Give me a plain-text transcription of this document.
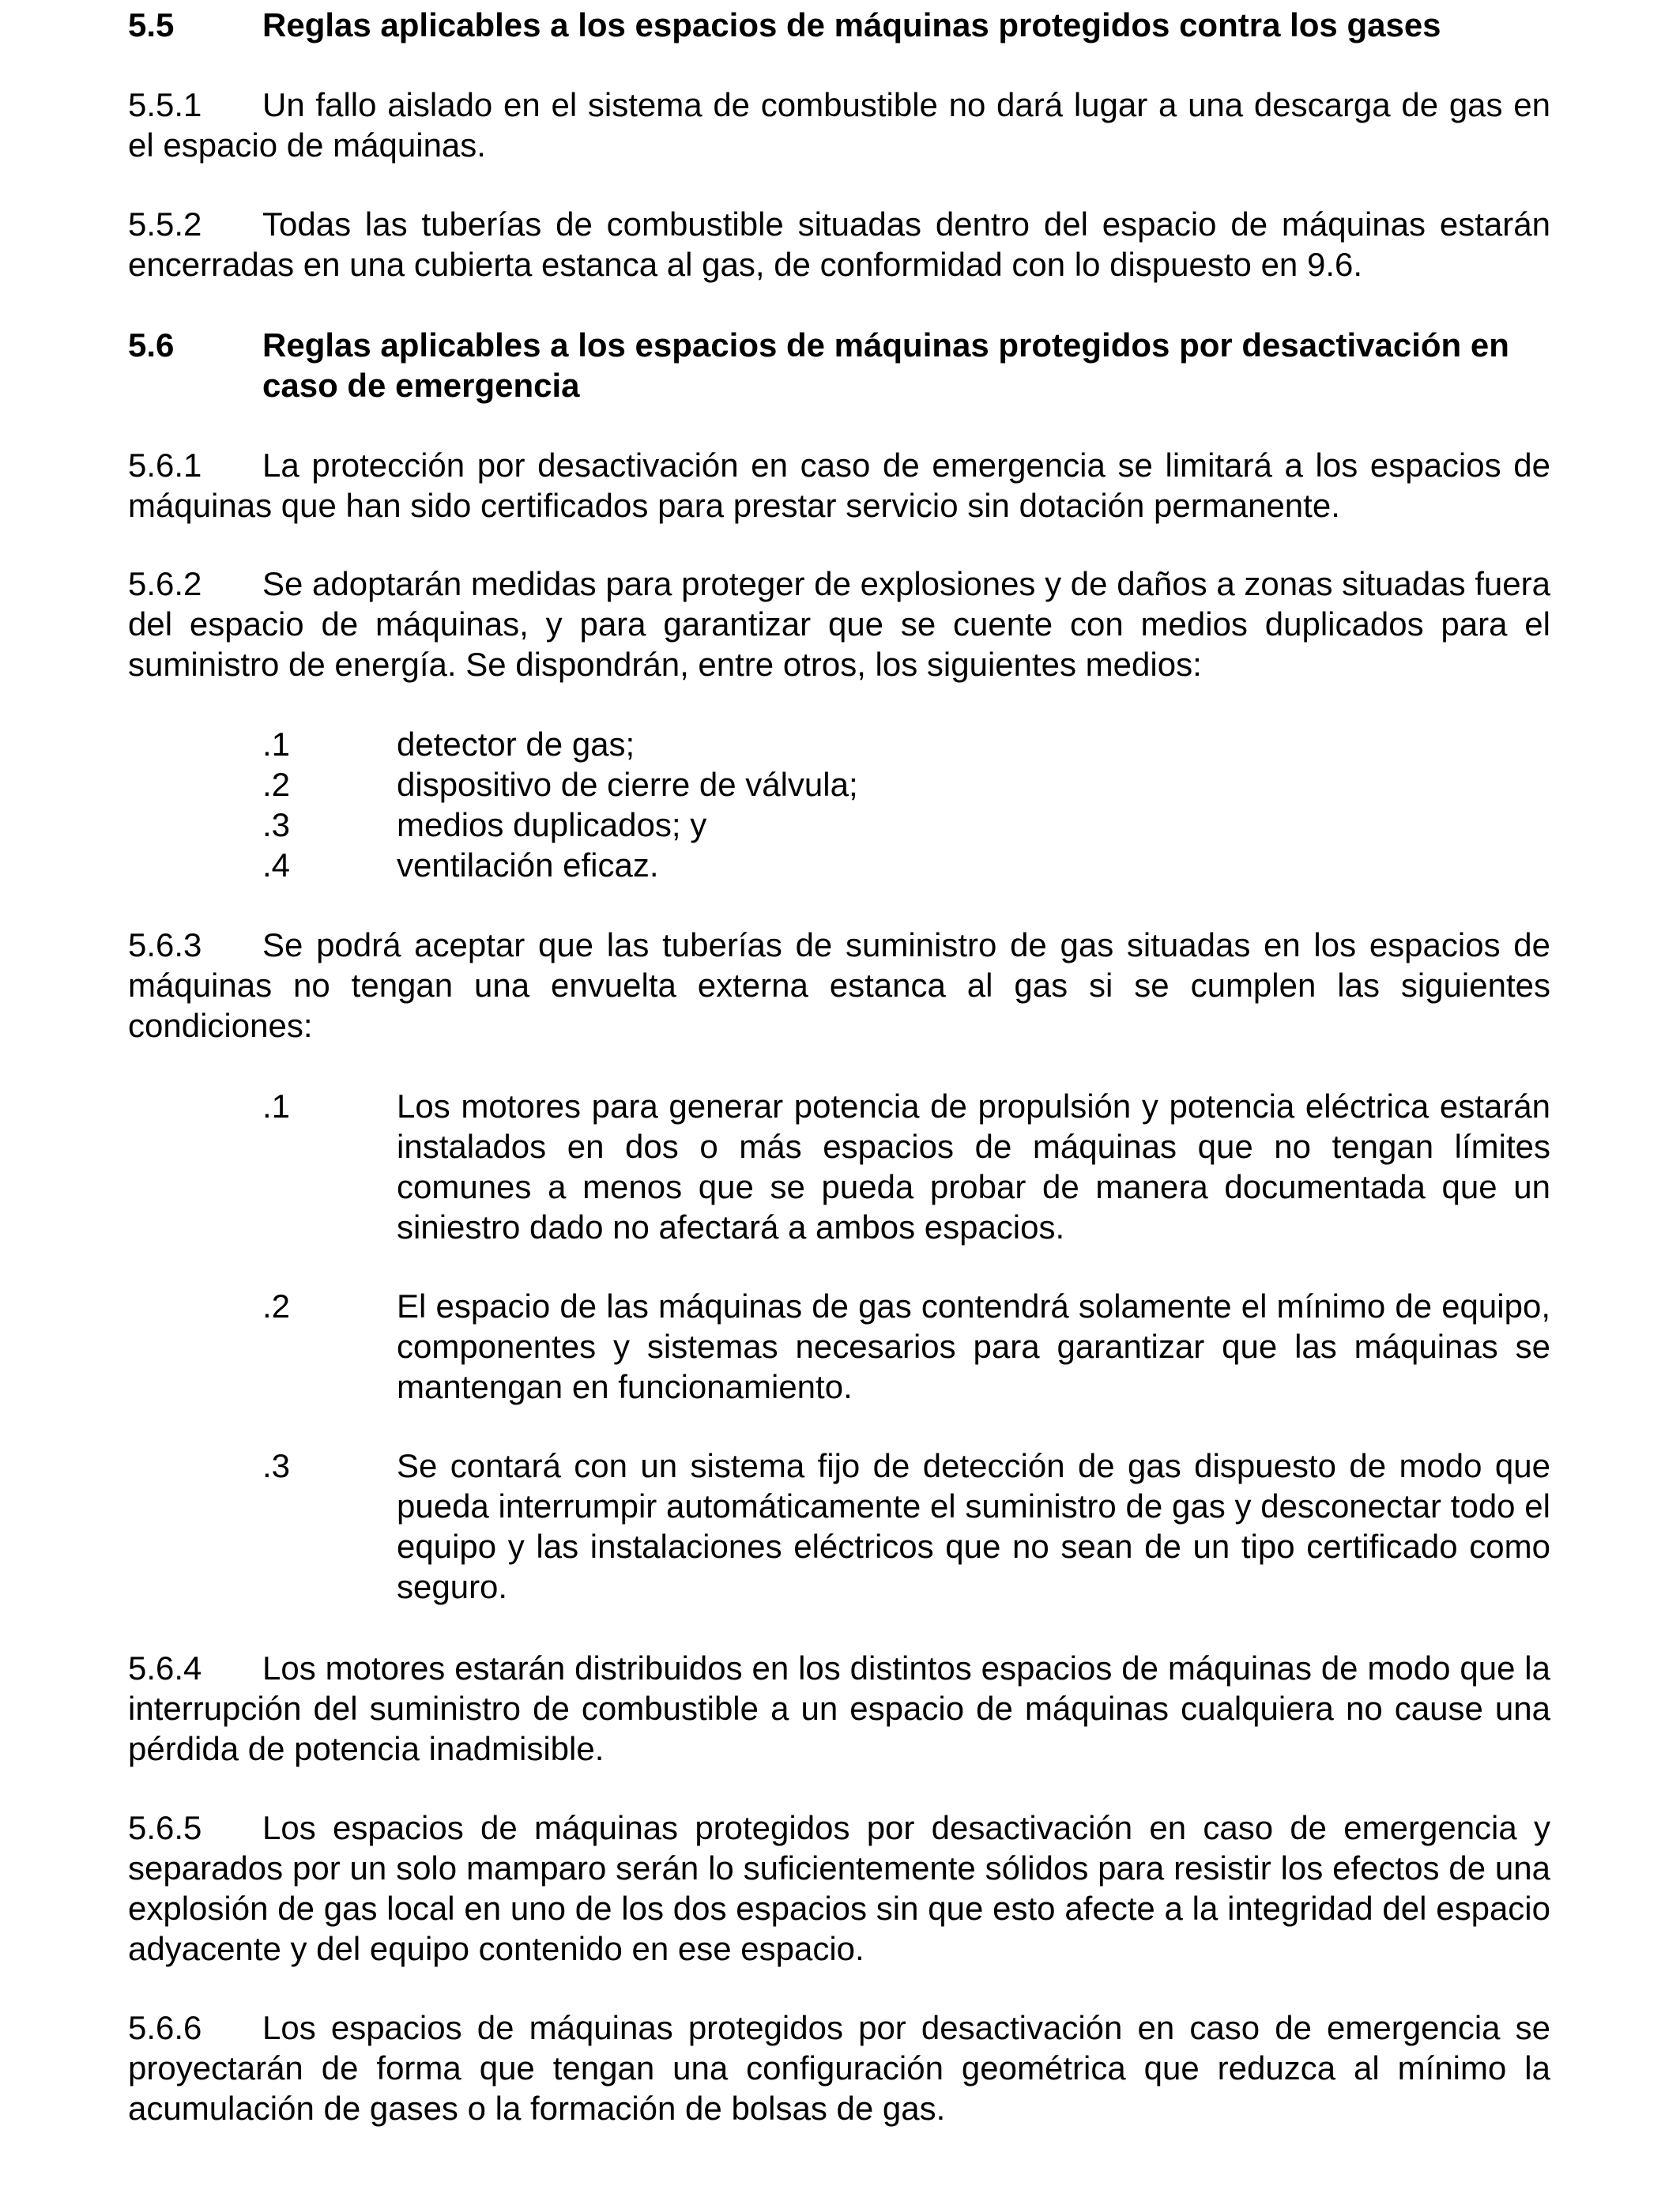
5.5	Reglas aplicables a los espacios de máquinas protegidos contra los gases

5.5.1 Un fallo aislado en el sistema de combustible no dará lugar a una descarga de gas en el espacio de máquinas.

5.5.2 Todas las tuberías de combustible situadas dentro del espacio de máquinas estarán encerradas en una cubierta estanca al gas, de conformidad con lo dispuesto en 9.6.

5.6	Reglas aplicables a los espacios de máquinas protegidos por desactivación en caso de emergencia

5.6.1 La protección por desactivación en caso de emergencia se limitará a los espacios de máquinas que han sido certificados para prestar servicio sin dotación permanente.

5.6.2 Se adoptarán medidas para proteger de explosiones y de daños a zonas situadas fuera del espacio de máquinas, y para garantizar que se cuente con medios duplicados para el suministro de energía. Se dispondrán, entre otros, los siguientes medios:

.1	detector de gas;
.2	dispositivo de cierre de válvula;
.3	medios duplicados; y
.4	ventilación eficaz.

5.6.3 Se podrá aceptar que las tuberías de suministro de gas situadas en los espacios de máquinas no tengan una envuelta externa estanca al gas si se cumplen las siguientes condiciones:

.1	Los motores para generar potencia de propulsión y potencia eléctrica estarán instalados en dos o más espacios de máquinas que no tengan límites comunes a menos que se pueda probar de manera documentada que un siniestro dado no afectará a ambos espacios.
.2	El espacio de las máquinas de gas contendrá solamente el mínimo de equipo, componentes y sistemas necesarios para garantizar que las máquinas se mantengan en funcionamiento.
.3	Se contará con un sistema fijo de detección de gas dispuesto de modo que pueda interrumpir automáticamente el suministro de gas y desconectar todo el equipo y las instalaciones eléctricos que no sean de un tipo certificado como seguro.

5.6.4 Los motores estarán distribuidos en los distintos espacios de máquinas de modo que la interrupción del suministro de combustible a un espacio de máquinas cualquiera no cause una pérdida de potencia inadmisible.

5.6.5 Los espacios de máquinas protegidos por desactivación en caso de emergencia y separados por un solo mamparo serán lo suficientemente sólidos para resistir los efectos de una explosión de gas local en uno de los dos espacios sin que esto afecte a la integridad del espacio adyacente y del equipo contenido en ese espacio.

5.6.6 Los espacios de máquinas protegidos por desactivación en caso de emergencia se proyectarán de forma que tengan una configuración geométrica que reduzca al mínimo la acumulación de gases o la formación de bolsas de gas.
